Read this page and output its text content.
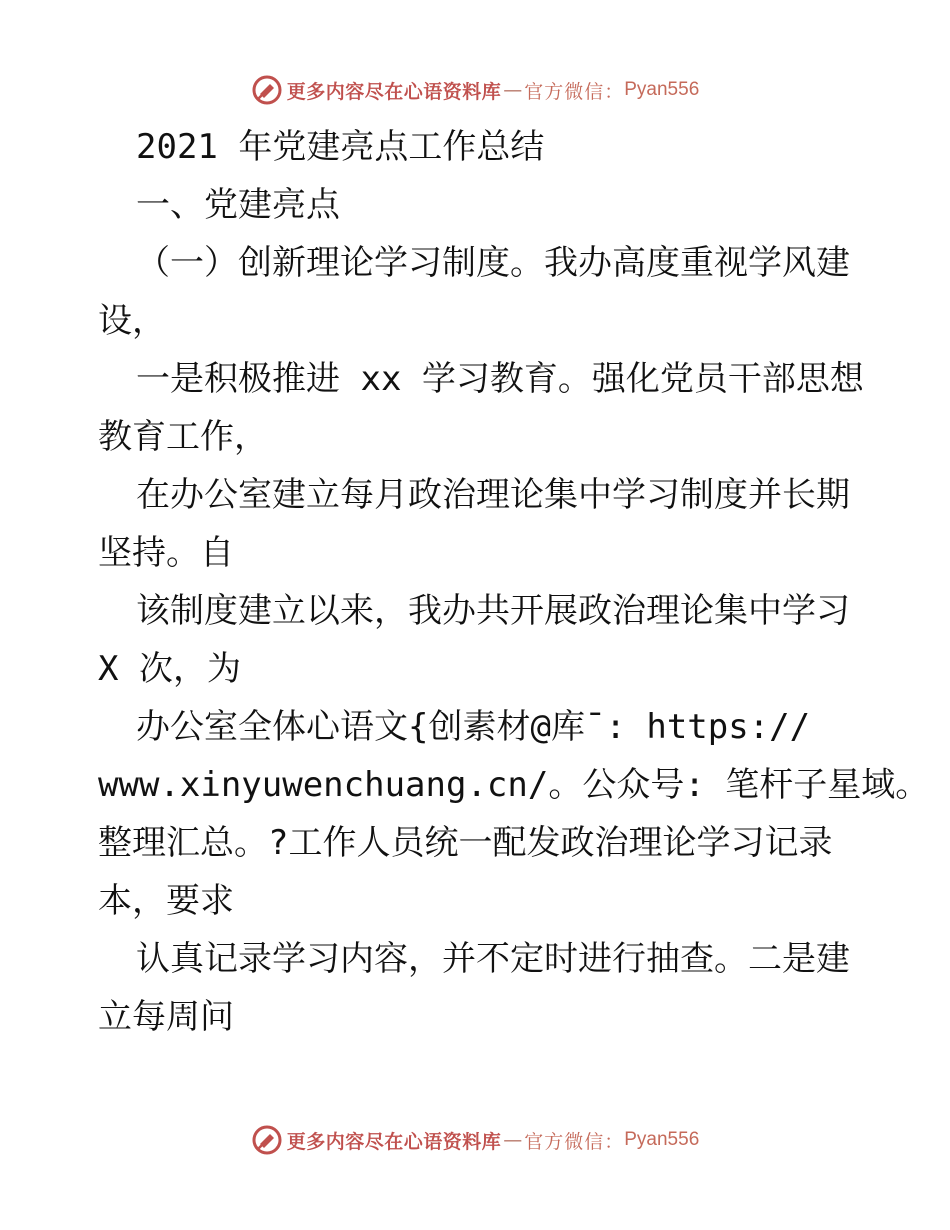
更多内容尽在心语资料库 — 官方微信： Pyan556
2021 年党建亮点工作总结
一、党建亮点
（一）创新理论学习制度。我办高度重视学风建
设，
一是积极推进 xx 学习教育。强化党员干部思想
教育工作，
在办公室建立每月政治理论集中学习制度并长期
坚持。自
该制度建立以来，我办共开展政治理论集中学习
X 次，为
办公室全体心语文{创素材@库¯: https://
www.xinyuwenchuang.cn/。公众号: 笔杆子星域。
整理汇总。?工作人员统一配发政治理论学习记录
本，要求
认真记录学习内容，并不定时进行抽查。二是建
立每周问
更多内容尽在心语资料库 — 官方微信： Pyan556
